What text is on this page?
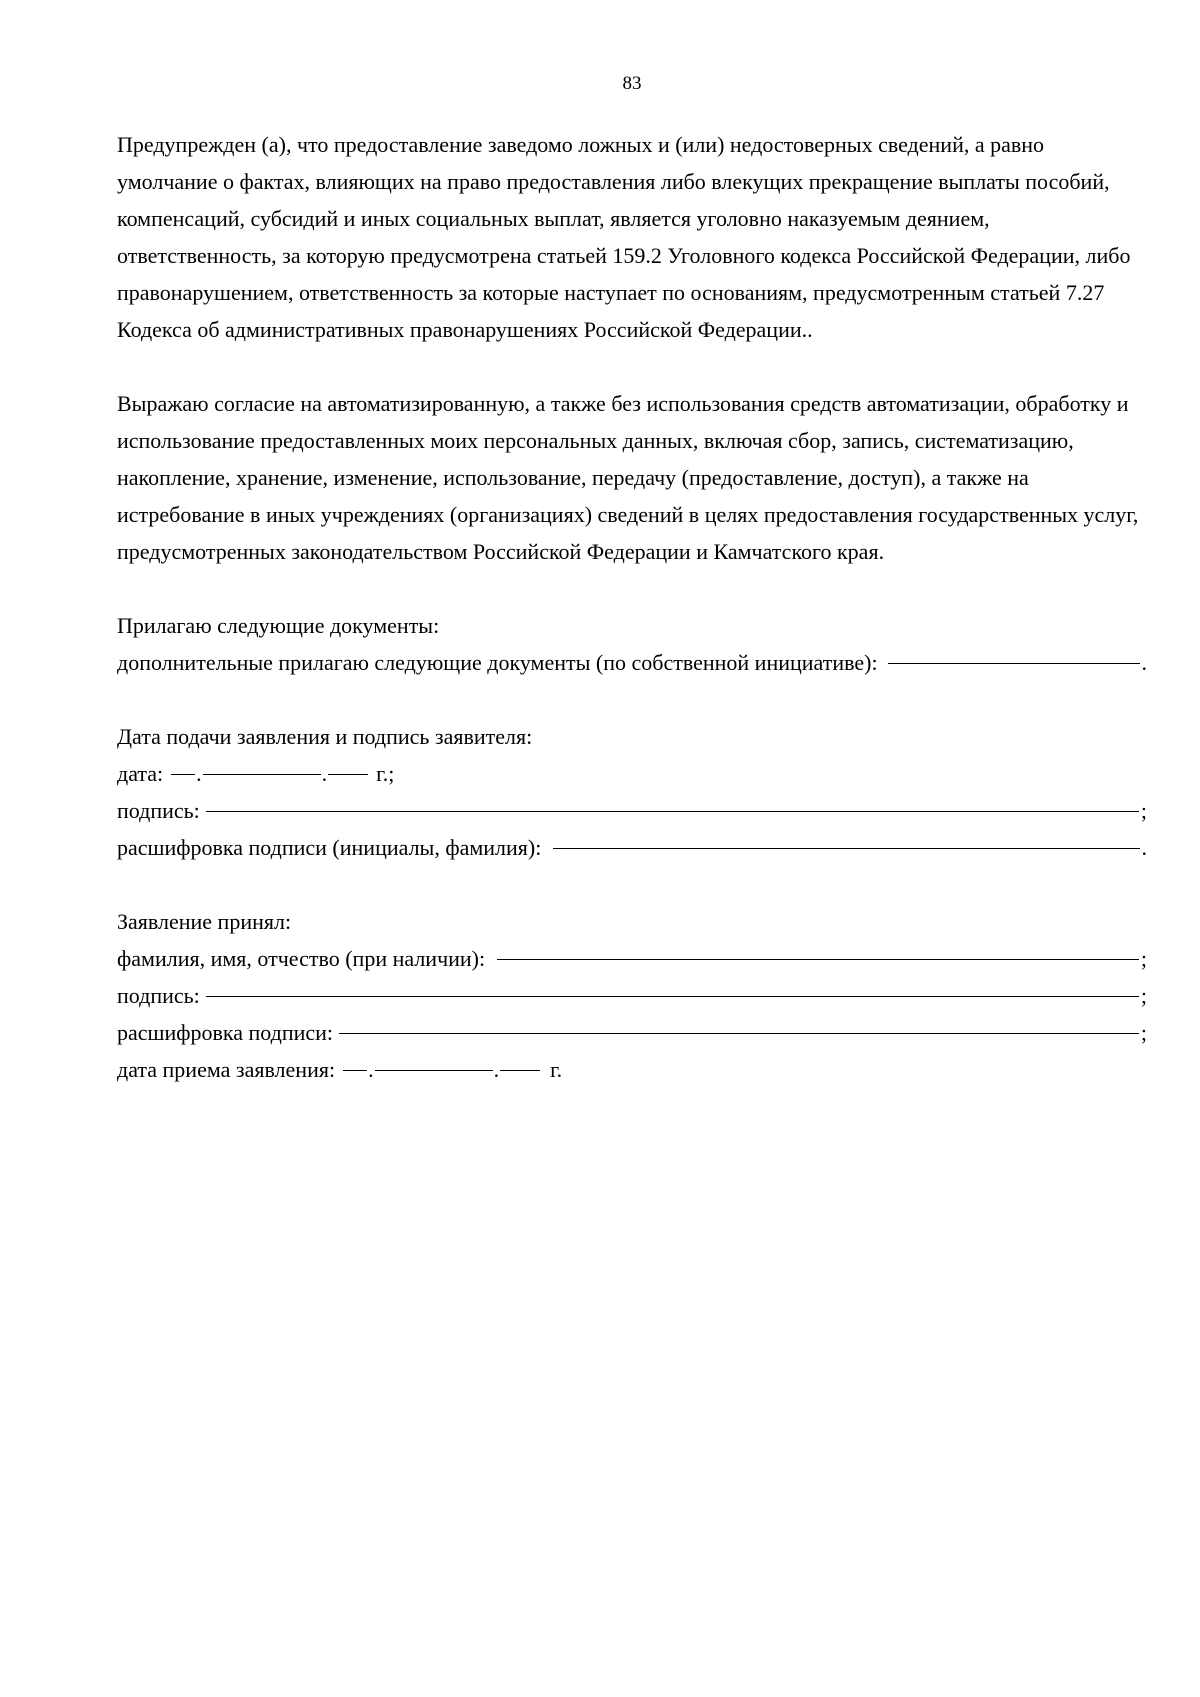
83

Предупрежден (а), что предоставление заведомо ложных и (или) недостоверных сведений, а равно умолчание о фактах, влияющих на право предоставления либо влекущих прекращение выплаты пособий, компенсаций, субсидий и иных социальных выплат, является уголовно наказуемым деянием, ответственность, за которую предусмотрена статьей 159.2 Уголовного кодекса Российской Федерации, либо правонарушением, ответственность за которые наступает по основаниям, предусмотренным статьей 7.27 Кодекса об административных правонарушениях Российской Федерации..

Выражаю согласие на автоматизированную, а также без использования средств автоматизации, обработку и использование предоставленных моих персональных данных, включая сбор, запись, систематизацию, накопление, хранение, изменение, использование, передачу (предоставление, доступ), а также на истребование в иных учреждениях (организациях) сведений в целях предоставления государственных услуг, предусмотренных законодательством Российской Федерации и Камчатского края.

Прилагаю следующие документы:
дополнительные прилагаю следующие документы (по собственной инициативе):	.
Дата подачи заявления и подпись заявителя:
дата: .	. г.;
подпись:	;
расшифровка подписи (инициалы, фамилия):	.
Заявление принял:
фамилия, имя, отчество (при наличии):	;
подпись:	;
расшифровка подписи:	;
дата приема заявления: .	. г.
